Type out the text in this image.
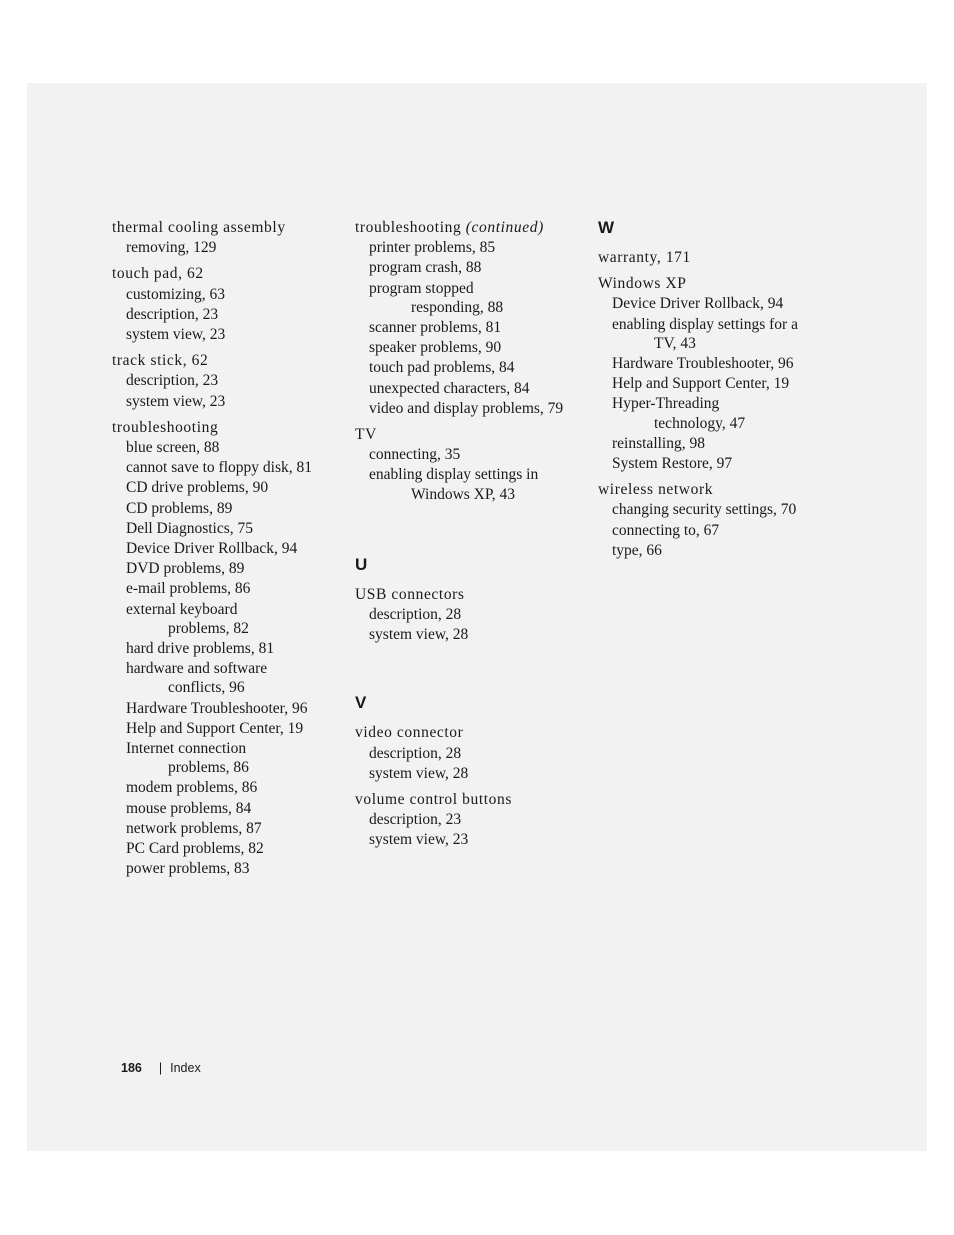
thermal cooling assembly
removing, 129
touch pad, 62
customizing, 63
description, 23
system view, 23
track stick, 62
description, 23
system view, 23
troubleshooting
blue screen, 88
cannot save to floppy disk, 81
CD drive problems, 90
CD problems, 89
Dell Diagnostics, 75
Device Driver Rollback, 94
DVD problems, 89
e-mail problems, 86
external keyboard
problems, 82
hard drive problems, 81
hardware and software
conflicts, 96
Hardware Troubleshooter, 96
Help and Support Center, 19
Internet connection
problems, 86
modem problems, 86
mouse problems, 84
network problems, 87
PC Card problems, 82
power problems, 83
troubleshooting (continued)
printer problems, 85
program crash, 88
program stopped
responding, 88
scanner problems, 81
speaker problems, 90
touch pad problems, 84
unexpected characters, 84
video and display problems, 79
TV
connecting, 35
enabling display settings in
Windows XP, 43
U
USB connectors
description, 28
system view, 28
V
video connector
description, 28
system view, 28
volume control buttons
description, 23
system view, 23
W
warranty, 171
Windows XP
Device Driver Rollback, 94
enabling display settings for a
TV, 43
Hardware Troubleshooter, 96
Help and Support Center, 19
Hyper-Threading
technology, 47
reinstalling, 98
System Restore, 97
wireless network
changing security settings, 70
connecting to, 67
type, 66
186 | Index
